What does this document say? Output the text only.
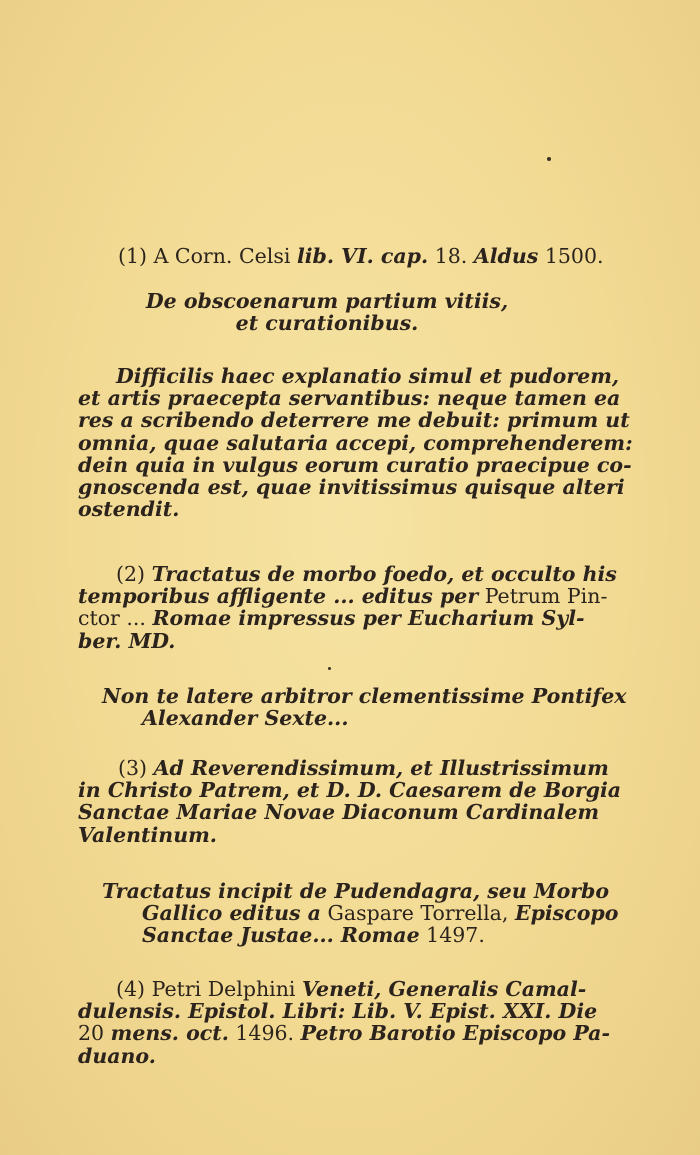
(1) A Corn. Celsi lib. VI. cap. 18. Aldus 1500.
De obscoenarum partium vitiis,
et curationibus.
Difficilis haec explanatio simul et pudorem,
et artis praecepta servantibus: neque tamen ea
res a scribendo deterrere me debuit: primum ut
omnia, quae salutaria accepi, comprehenderem:
dein quia in vulgus eorum curatio praecipue co-
gnoscenda est, quae invitissimus quisque alteri
ostendit.
(2) Tractatus de morbo foedo, et occulto his
temporibus affligente ... editus per Petrum Pin-
ctor ... Romae impressus per Eucharium Syl-
ber. MD.
Non te latere arbitror clementissime Pontifex
Alexander Sexte...
(3) Ad Reverendissimum, et Illustrissimum
in Christo Patrem, et D. D. Caesarem de Borgia
Sanctae Mariae Novae Diaconum Cardinalem
Valentinum.
Tractatus incipit de Pudendagra, seu Morbo
Gallico editus a Gaspare Torrella, Episcopo
Sanctae Justae... Romae 1497.
(4) Petri Delphini Veneti, Generalis Camal-
dulensis. Epistol. Libri: Lib. V. Epist. XXI. Die
20 mens. oct. 1496. Petro Barotio Episcopo Pa-
duano.
